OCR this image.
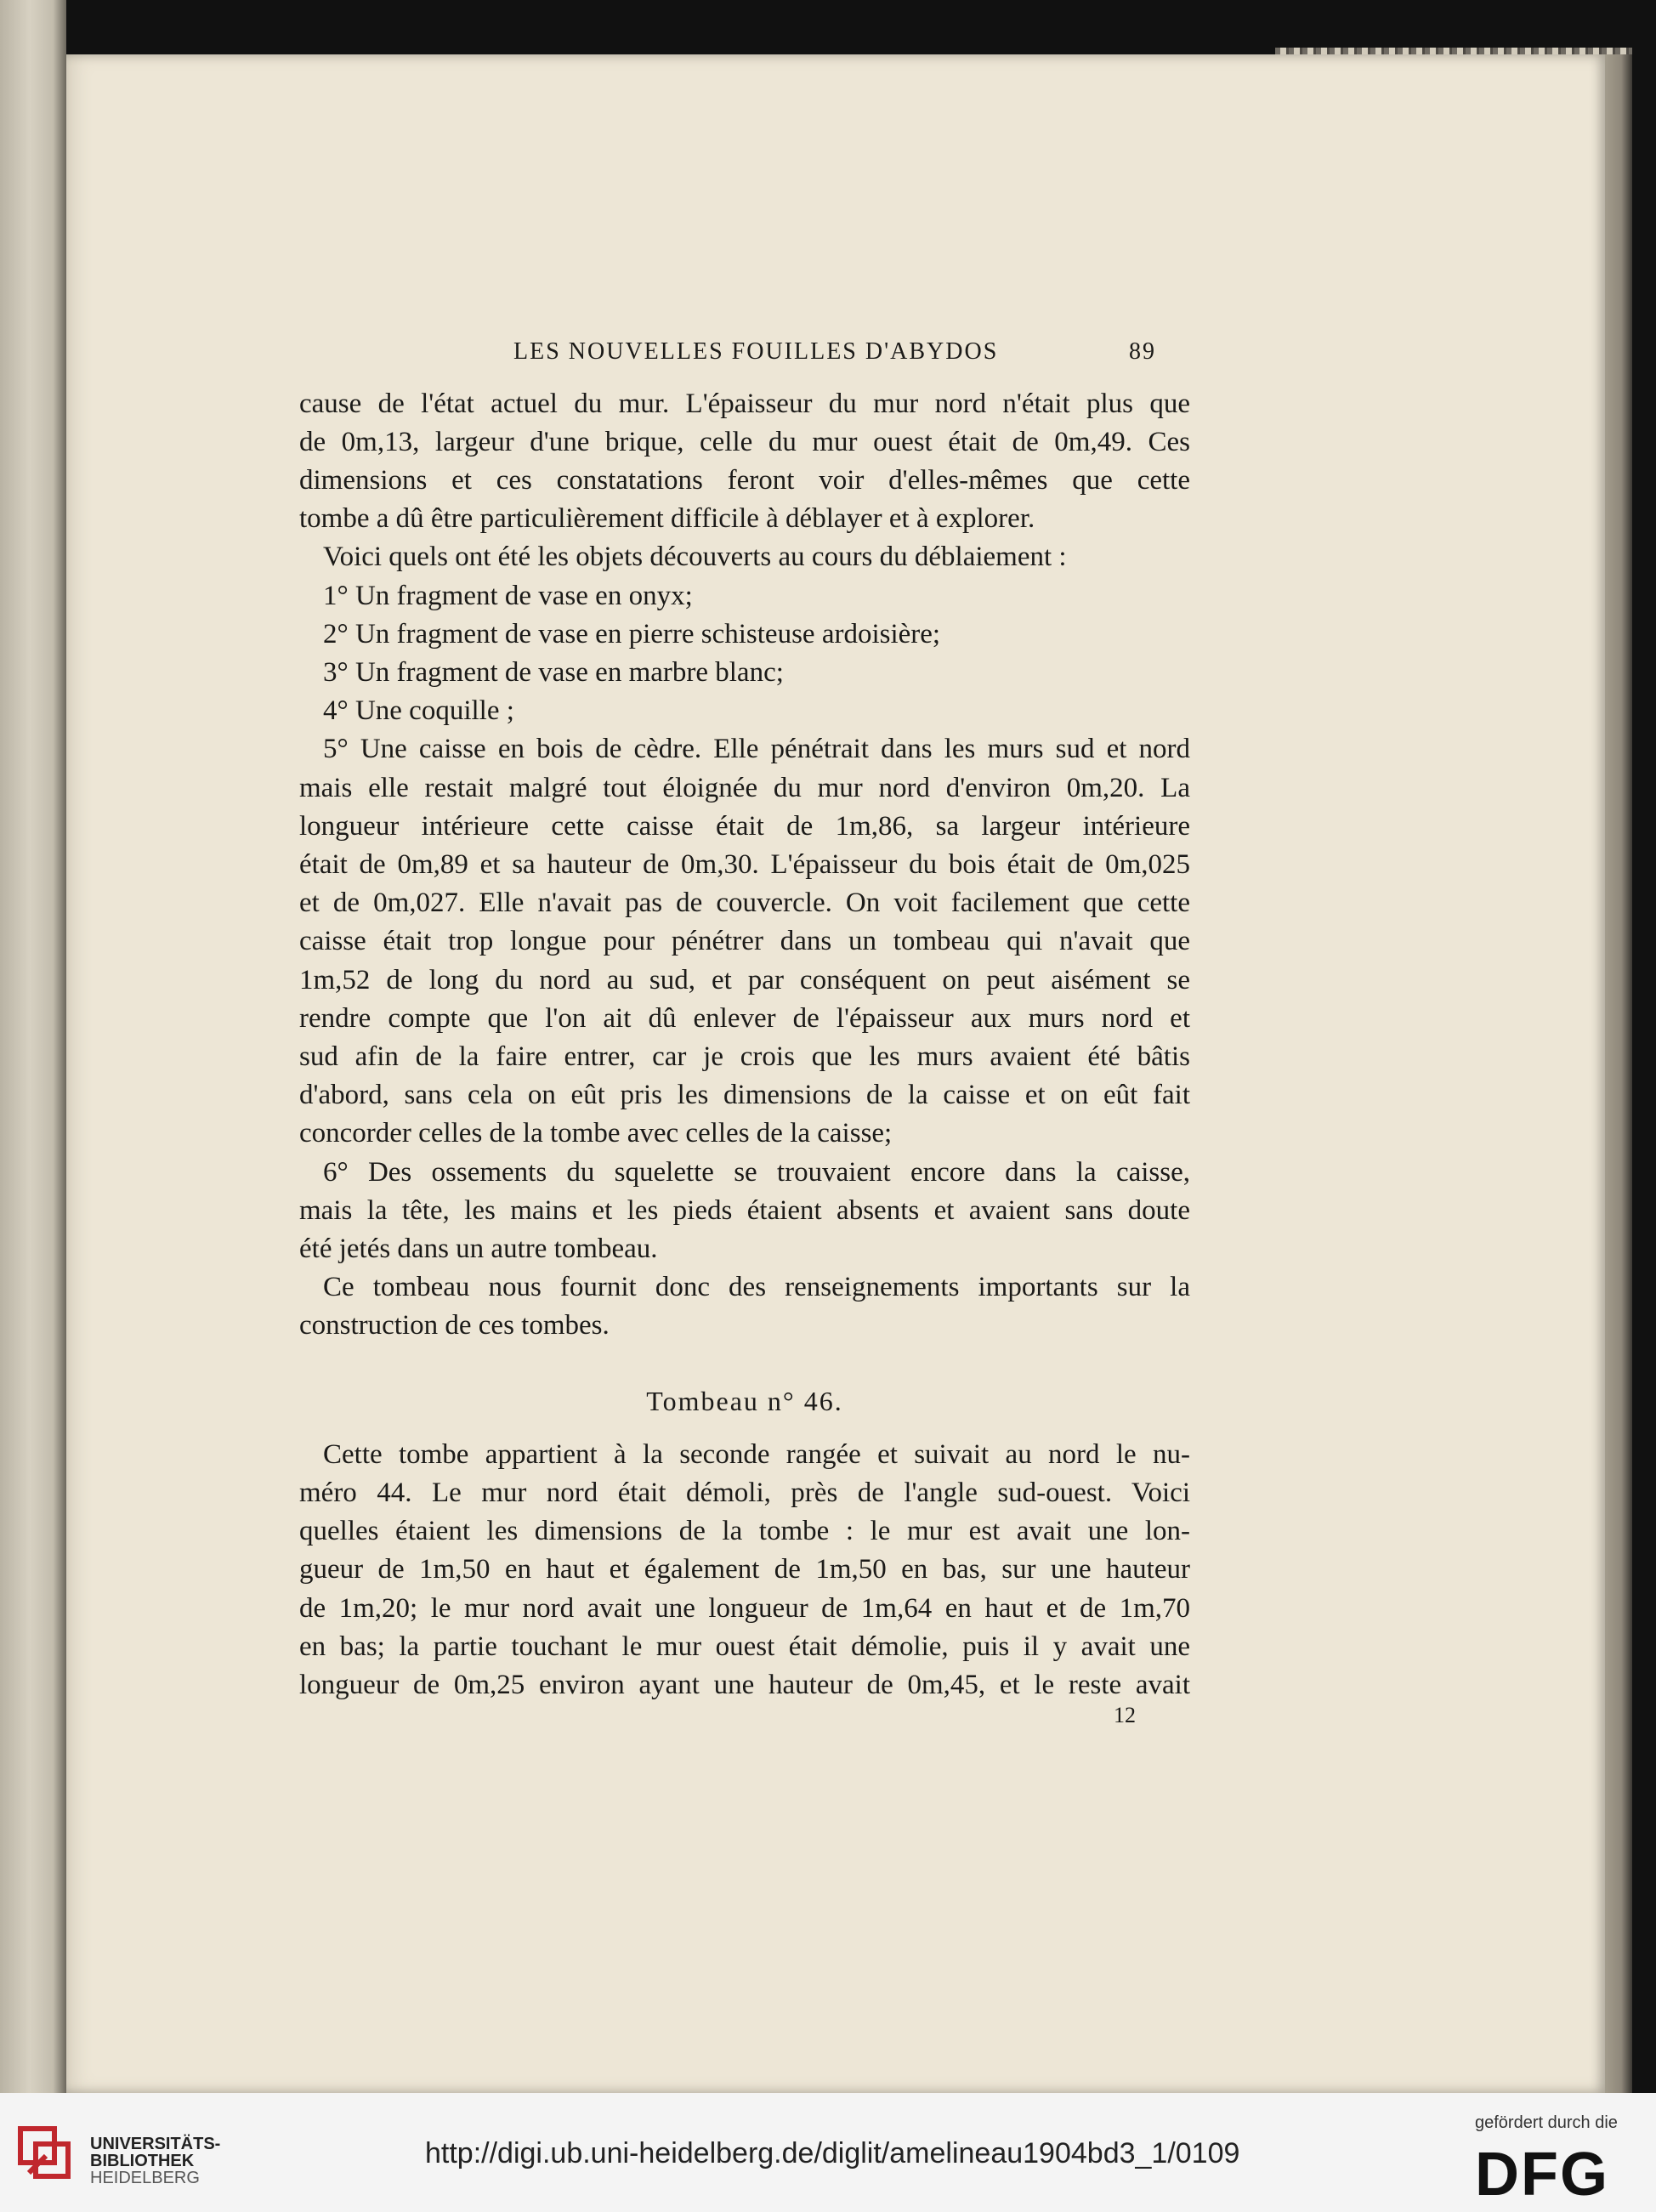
LES NOUVELLES FOUILLES D'ABYDOS	89
cause de l'état actuel du mur. L'épaisseur du mur nord n'était plus que
de 0m,13, largeur d'une brique, celle du mur ouest était de 0m,49. Ces
dimensions et ces constatations feront voir d'elles-mêmes que cette
tombe a dû être particulièrement difficile à déblayer et à explorer.
Voici quels ont été les objets découverts au cours du déblaiement :
1° Un fragment de vase en onyx;
2° Un fragment de vase en pierre schisteuse ardoisière;
3° Un fragment de vase en marbre blanc;
4° Une coquille ;
5° Une caisse en bois de cèdre. Elle pénétrait dans les murs sud et nord
mais elle restait malgré tout éloignée du mur nord d'environ 0m,20. La
longueur intérieure cette caisse était de 1m,86, sa largeur intérieure
était de 0m,89 et sa hauteur de 0m,30. L'épaisseur du bois était de 0m,025
et de 0m,027. Elle n'avait pas de couvercle. On voit facilement que cette
caisse était trop longue pour pénétrer dans un tombeau qui n'avait que
1m,52 de long du nord au sud, et par conséquent on peut aisément se
rendre compte que l'on ait dû enlever de l'épaisseur aux murs nord et
sud afin de la faire entrer, car je crois que les murs avaient été bâtis
d'abord, sans cela on eût pris les dimensions de la caisse et on eût fait
concorder celles de la tombe avec celles de la caisse;
6° Des ossements du squelette se trouvaient encore dans la caisse,
mais la tête, les mains et les pieds étaient absents et avaient sans doute
été jetés dans un autre tombeau.
Ce tombeau nous fournit donc des renseignements importants sur la
construction de ces tombes.
Tombeau n° 46.
Cette tombe appartient à la seconde rangée et suivait au nord le nu-
méro 44. Le mur nord était démoli, près de l'angle sud-ouest. Voici
quelles étaient les dimensions de la tombe : le mur est avait une lon-
gueur de 1m,50 en haut et également de 1m,50 en bas, sur une hauteur
de 1m,20; le mur nord avait une longueur de 1m,64 en haut et de 1m,70
en bas; la partie touchant le mur ouest était démolie, puis il y avait une
longueur de 0m,25 environ ayant une hauteur de 0m,45, et le reste avait
12
UNIVERSITÄTS-
BIBLIOTHEK
HEIDELBERG
http://digi.ub.uni-heidelberg.de/diglit/amelineau1904bd3_1/0109
gefördert durch die
DFG
